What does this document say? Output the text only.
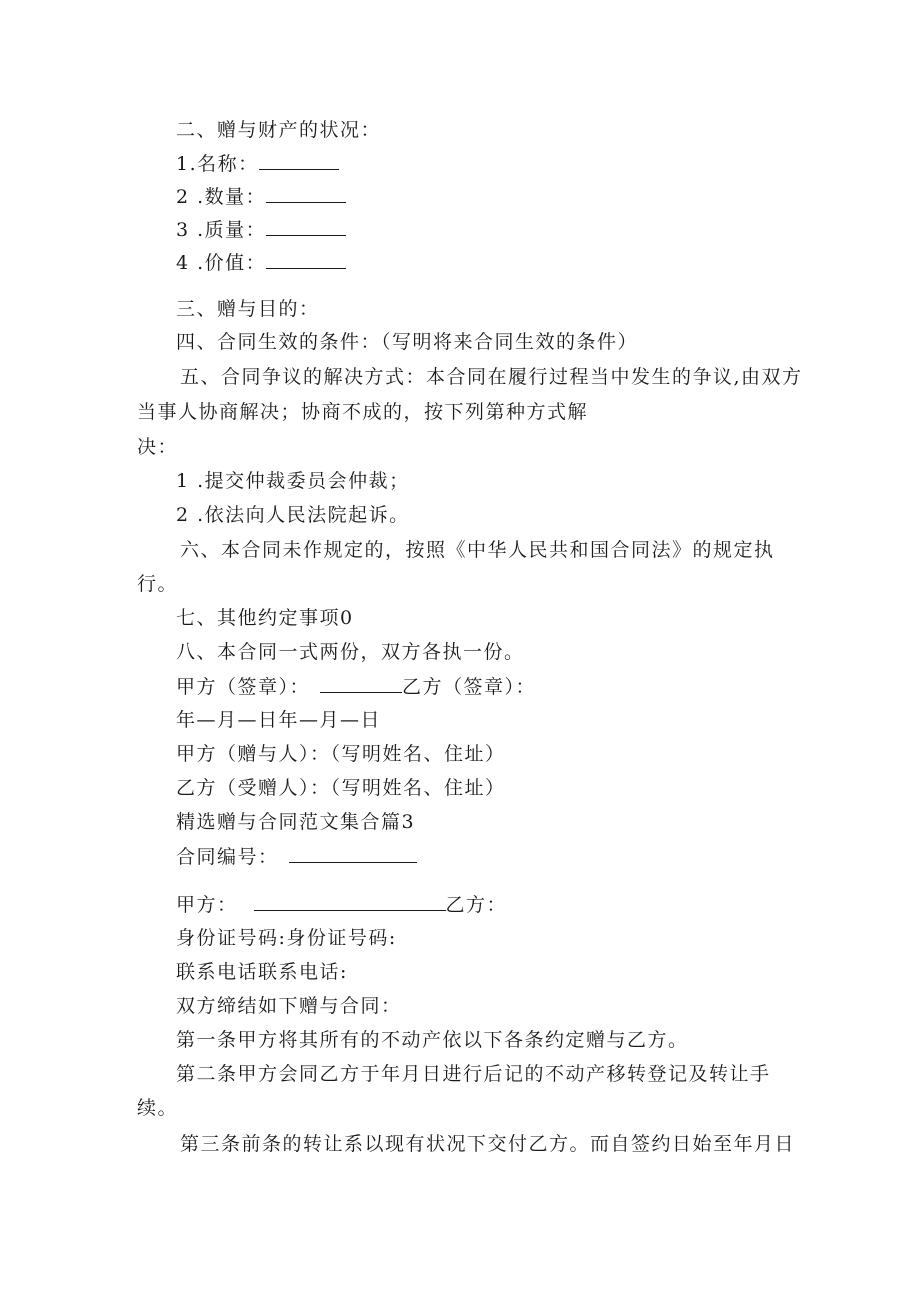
二、赠与财产的状况：
1.名称：
2 .数量：
3 .质量：
4 .价值：
三、赠与目的：
四、合同生效的条件：（写明将来合同生效的条件）
五、合同争议的解决方式：本合同在履行过程当中发生的争议,由双方
当事人协商解决；协商不成的，按下列第种方式解
决：
1 .提交仲裁委员会仲裁；
2 .依法向人民法院起诉。
六、本合同未作规定的，按照《中华人民共和国合同法》的规定执
行。
七、其他约定事项0
八、本合同一式两份，双方各执一份。
甲方（签章）：	乙方（签章）：
年—月—日年—月—日
甲方（赠与人）：（写明姓名、住址）
乙方（受赠人）：（写明姓名、住址）
精选赠与合同范文集合篇3
合同编号：
甲方：	乙方：
身份证号码:身份证号码:
联系电话联系电话:
双方缔结如下赠与合同：
第一条甲方将其所有的不动产依以下各条约定赠与乙方。
第二条甲方会同乙方于年月日进行后记的不动产移转登记及转让手
续。
第三条前条的转让系以现有状况下交付乙方。而自签约日始至年月日
